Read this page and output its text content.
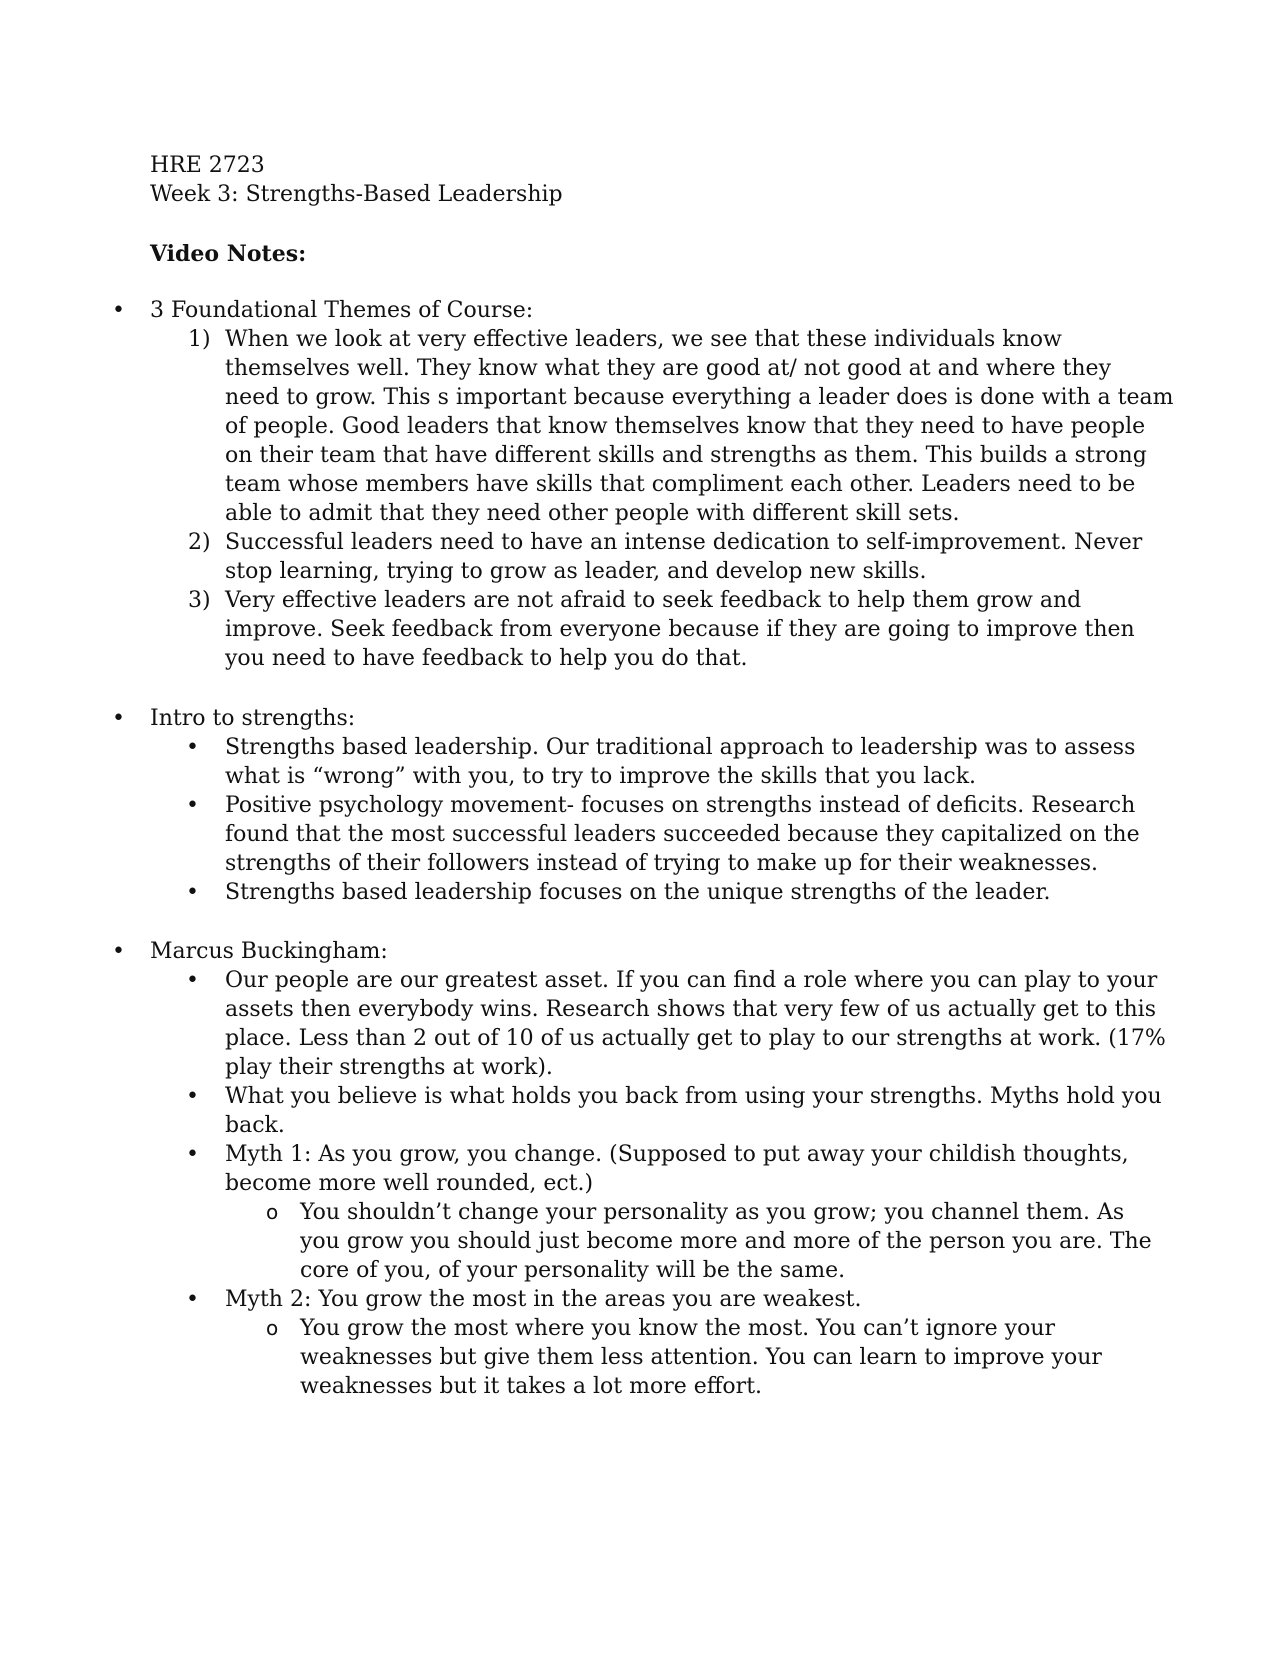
HRE 2723
Week 3: Strengths-Based Leadership
Video Notes:
• 3 Foundational Themes of Course:
1) When we look at very effective leaders, we see that these individuals know
themselves well. They know what they are good at/ not good at and where they
need to grow. This s important because everything a leader does is done with a team
of people. Good leaders that know themselves know that they need to have people
on their team that have different skills and strengths as them. This builds a strong
team whose members have skills that compliment each other. Leaders need to be
able to admit that they need other people with different skill sets.
2) Successful leaders need to have an intense dedication to self-improvement. Never
stop learning, trying to grow as leader, and develop new skills.
3) Very effective leaders are not afraid to seek feedback to help them grow and
improve. Seek feedback from everyone because if they are going to improve then
you need to have feedback to help you do that.
• Intro to strengths:
• Strengths based leadership. Our traditional approach to leadership was to assess
what is “wrong” with you, to try to improve the skills that you lack.
• Positive psychology movement- focuses on strengths instead of deficits. Research
found that the most successful leaders succeeded because they capitalized on the
strengths of their followers instead of trying to make up for their weaknesses.
• Strengths based leadership focuses on the unique strengths of the leader.
• Marcus Buckingham:
• Our people are our greatest asset. If you can find a role where you can play to your
assets then everybody wins. Research shows that very few of us actually get to this
place. Less than 2 out of 10 of us actually get to play to our strengths at work. (17%
play their strengths at work).
• What you believe is what holds you back from using your strengths. Myths hold you
back.
• Myth 1: As you grow, you change. (Supposed to put away your childish thoughts,
become more well rounded, ect.)
o You shouldn’t change your personality as you grow; you channel them. As
you grow you should just become more and more of the person you are. The
core of you, of your personality will be the same.
• Myth 2: You grow the most in the areas you are weakest.
o You grow the most where you know the most. You can’t ignore your
weaknesses but give them less attention. You can learn to improve your
weaknesses but it takes a lot more effort.
